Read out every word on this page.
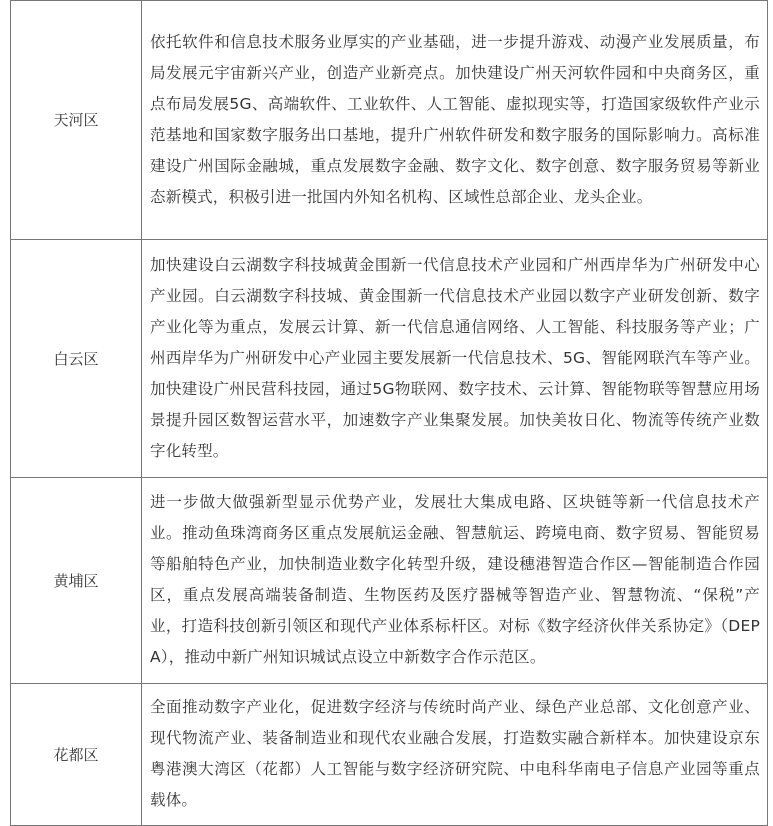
天河区	依托软件和信息技术服务业厚实的产业基础，进一步提升游戏、动漫产业发展质量，布局发展元宇宙新兴产业，创造产业新亮点。加快建设广州天河软件园和中央商务区，重点布局发展5G、高端软件、工业软件、人工智能、虚拟现实等，打造国家级软件产业示范基地和国家数字服务出口基地，提升广州软件研发和数字服务的国际影响力。高标准建设广州国际金融城，重点发展数字金融、数字文化、数字创意、数字服务贸易等新业态新模式，积极引进一批国内外知名机构、区域性总部企业、龙头企业。
白云区	加快建设白云湖数字科技城黄金围新一代信息技术产业园和广州西岸华为广州研发中心产业园。白云湖数字科技城、黄金围新一代信息技术产业园以数字产业研发创新、数字产业化等为重点，发展云计算、新一代信息通信网络、人工智能、科技服务等产业；广州西岸华为广州研发中心产业园主要发展新一代信息技术、5G、智能网联汽车等产业。加快建设广州民营科技园，通过5G物联网、数字技术、云计算、智能物联等智慧应用场景提升园区数智运营水平，加速数字产业集聚发展。加快美妆日化、物流等传统产业数字化转型。
黄埔区	进一步做大做强新型显示优势产业，发展壮大集成电路、区块链等新一代信息技术产业。推动鱼珠湾商务区重点发展航运金融、智慧航运、跨境电商、数字贸易、智能贸易等船舶特色产业，加快制造业数字化转型升级，建设穗港智造合作区—智能制造合作园区，重点发展高端装备制造、生物医药及医疗器械等智造产业、智慧物流、“保税”产业，打造科技创新引领区和现代产业体系标杆区。对标《数字经济伙伴关系协定》（DEPA），推动中新广州知识城试点设立中新数字合作示范区。
花都区	全面推动数字产业化，促进数字经济与传统时尚产业、绿色产业总部、文化创意产业、现代物流产业、装备制造业和现代农业融合发展，打造数实融合新样本。加快建设京东粤港澳大湾区（花都）人工智能与数字经济研究院、中电科华南电子信息产业园等重点载体。
